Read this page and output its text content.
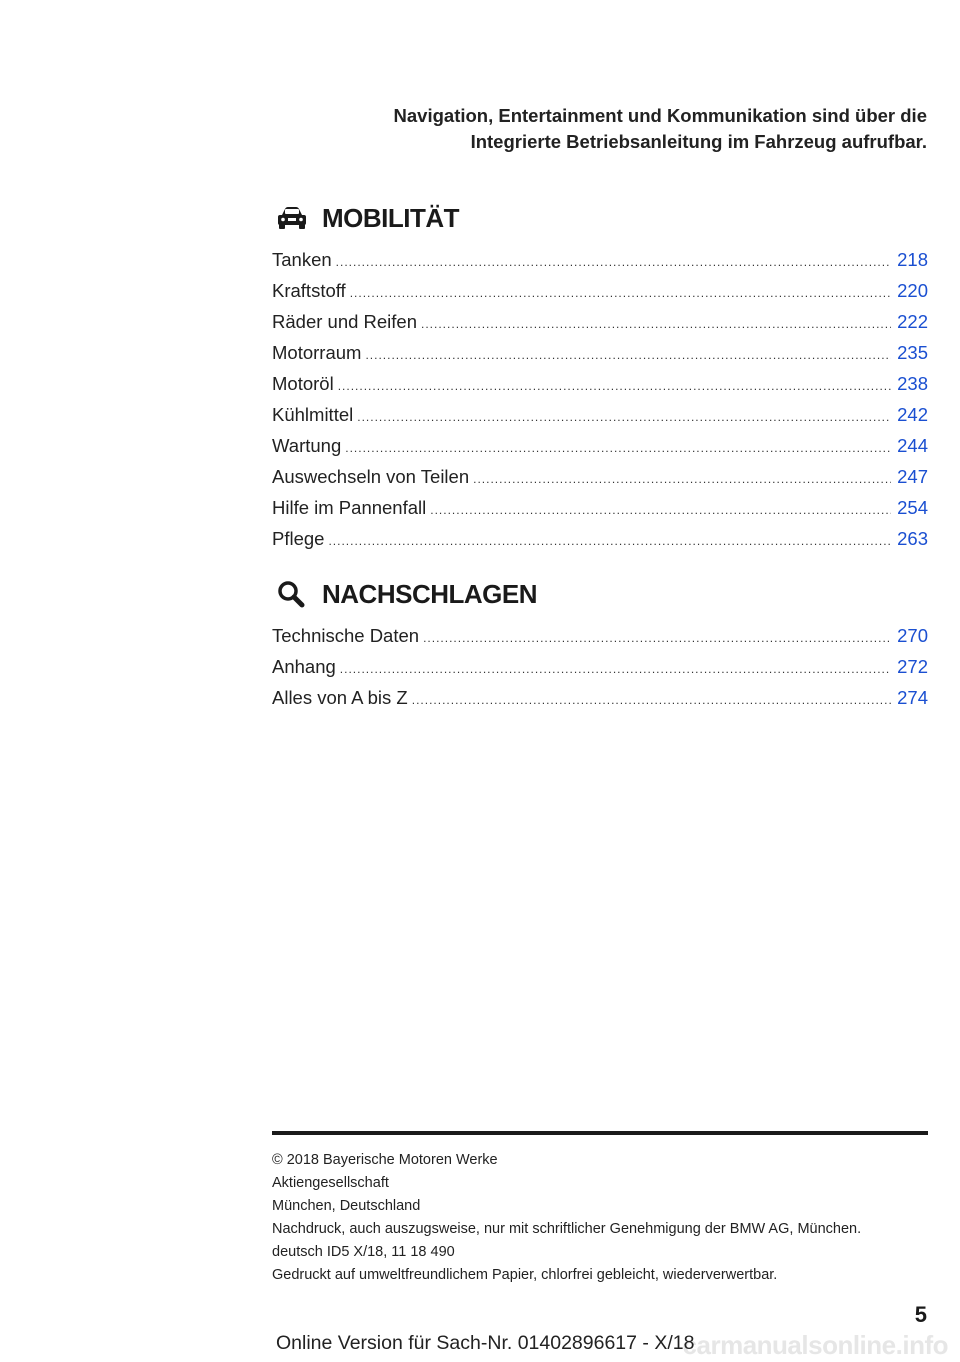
Navigation, Entertainment und Kommunikation sind über die
Integrierte Betriebsanleitung im Fahrzeug aufrufbar.
MOBILITÄT
Tanken .....	218
Kraftstoff .....	220
Räder und Reifen .....	222
Motorraum .....	235
Motoröl .....	238
Kühlmittel .....	242
Wartung .....	244
Auswechseln von Teilen .....	247
Hilfe im Pannenfall .....	254
Pflege .....	263
NACHSCHLAGEN
Technische Daten .....	270
Anhang .....	272
Alles von A bis Z .....	274
© 2018 Bayerische Motoren Werke
Aktiengesellschaft
München, Deutschland
Nachdruck, auch auszugsweise, nur mit schriftlicher Genehmigung der BMW AG, München.
deutsch ID5 X/18, 11 18 490
Gedruckt auf umweltfreundlichem Papier, chlorfrei gebleicht, wiederverwertbar.
5
carmanualsonline.info
Online Version für Sach-Nr. 01402896617 - X/18
